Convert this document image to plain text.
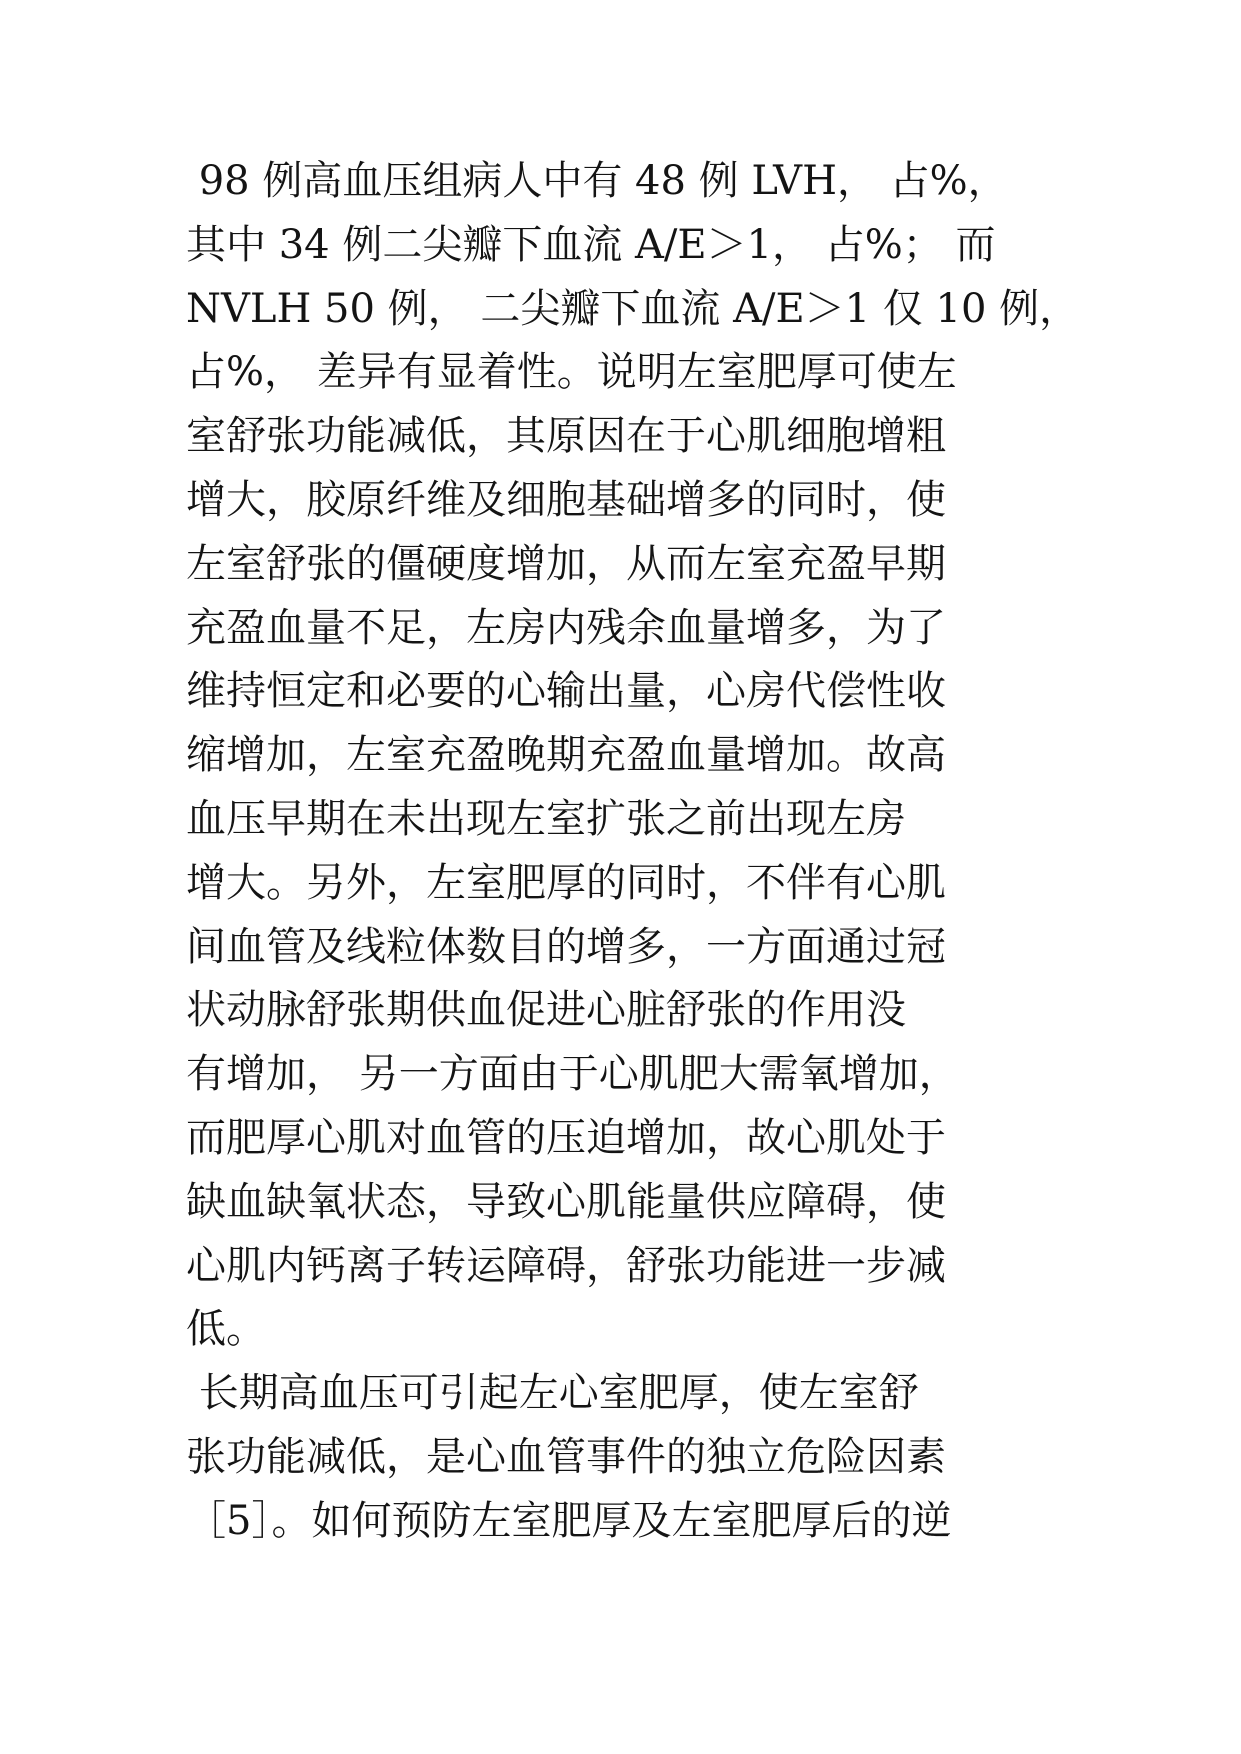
98 例高血压组病人中有 48 例 LVH， 占%，
其中 34 例二尖瓣下血流 A/E＞1， 占%； 而
NVLH 50 例， 二尖瓣下血流 A/E＞1 仅 10 例，
占%， 差异有显着性。说明左室肥厚可使左
室舒张功能减低，其原因在于心肌细胞增粗
增大，胶原纤维及细胞基础增多的同时，使
左室舒张的僵硬度增加，从而左室充盈早期
充盈血量不足，左房内残余血量增多，为了
维持恒定和必要的心输出量，心房代偿性收
缩增加，左室充盈晚期充盈血量增加。故高
血压早期在未出现左室扩张之前出现左房
增大。另外，左室肥厚的同时，不伴有心肌
间血管及线粒体数目的增多，一方面通过冠
状动脉舒张期供血促进心脏舒张的作用没
有增加， 另一方面由于心肌肥大需氧增加，
而肥厚心肌对血管的压迫增加，故心肌处于
缺血缺氧状态，导致心肌能量供应障碍，使
心肌内钙离子转运障碍，舒张功能进一步减
低。
长期高血压可引起左心室肥厚，使左室舒
张功能减低，是心血管事件的独立危险因素
［5］。如何预防左室肥厚及左室肥厚后的逆
